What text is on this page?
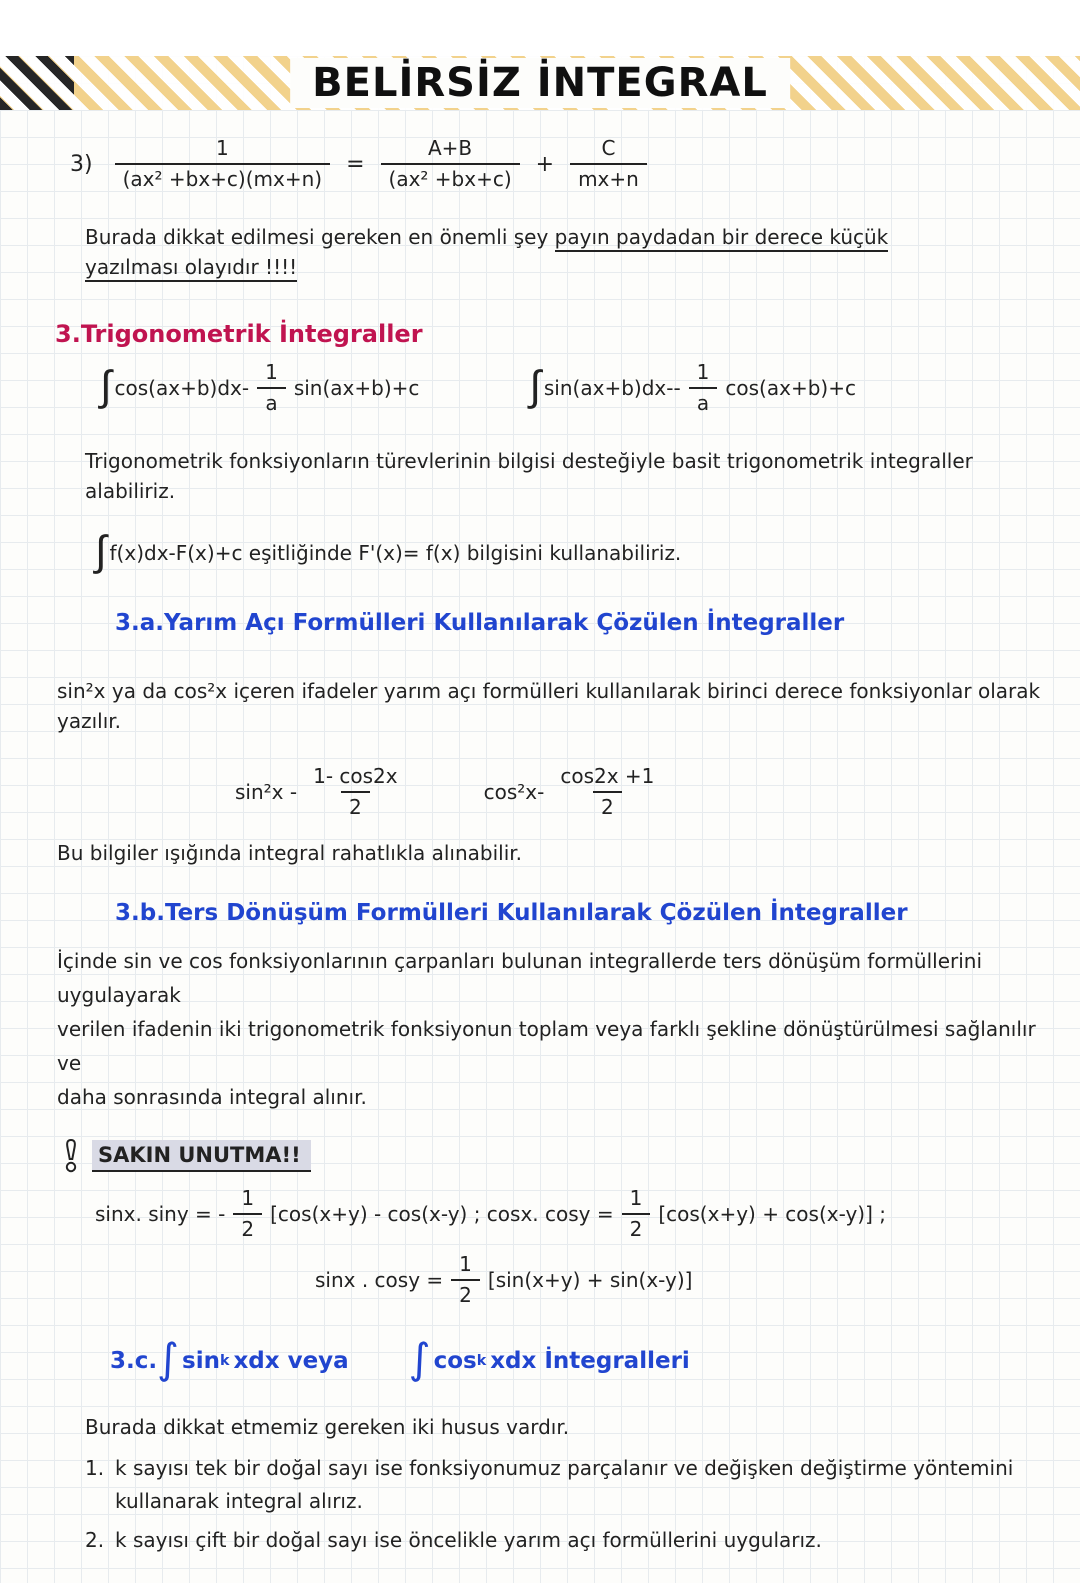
BELİRSİZ İNTEGRAL
$3) \frac{1}{\text{(ax² +bx+c)(mx+n)}} = \frac{A+B}{\text{(ax² +bx+c)}} + \frac{C}{mx+n}$

Burada dikkat edilmesi gereken en önemli şey payın paydadan bir derece küçük yazılması olayıdır !!!!

3.Trigonometrik İntegraller
∫ $\cos(ax+b)dx- \frac{1}{a} \sin(ax+b)+c$	∫ $\sin(ax+b)dx-- \frac{1}{a} \cos(ax+b)+c$

Trigonometrik fonksiyonların türevlerinin bilgisi desteğiyle basit trigonometrik integraller alabiliriz.

∫ f(x)dx-F(x)+c eşitliğinde F'(x)= f(x) bilgisini kullanabiliriz.
3.a.Yarım Açı Formülleri Kullanılarak Çözülen İntegraller

sin²x ya da cos²x içeren ifadeler yarım açı formülleri kullanılarak birinci derece fonksiyonlar olarak yazılır.

$\sin^2x - \frac{1- \cos 2x}{2}$	$\cos^2x- \frac{\cos 2x +1}{2}$

Bu bilgiler ışığında integral rahatlıkla alınabilir.

3.b.Ters Dönüşüm Formülleri Kullanılarak Çözülen İntegraller
İçinde sin ve cos fonksiyonlarının çarpanları bulunan integrallerde ters dönüşüm formüllerini uygulayarak
verilen ifadenin iki trigonometrik fonksiyonun toplam veya farklı şekline dönüştürülmesi sağlanılır ve
daha sonrasında integral alınır.
SAKIN UNUTMA!!
sinx. siny = - $\frac{1}{2} [\cos(x+y) - \cos(x-y)$ ; cosx. $\cos y = \frac{1}{2} [\cos(x+y) + \cos(x-y)]$ ;
sinx . $\cos y = \frac{1}{2} [\sin(x+y) + \sin(x-y)]$
3.c. ∫ sin k xdx veya ∫ cos k xdx İntegralleri

Burada dikkat etmemiz gereken iki husus vardır.

1. k sayısı tek bir doğal sayı ise fonksiyonumuz parçalanır ve değişken değiştirme yöntemini kullanarak integral alırız.
2. k sayısı çift bir doğal sayı ise öncelikle yarım açı formüllerini uygularız.
